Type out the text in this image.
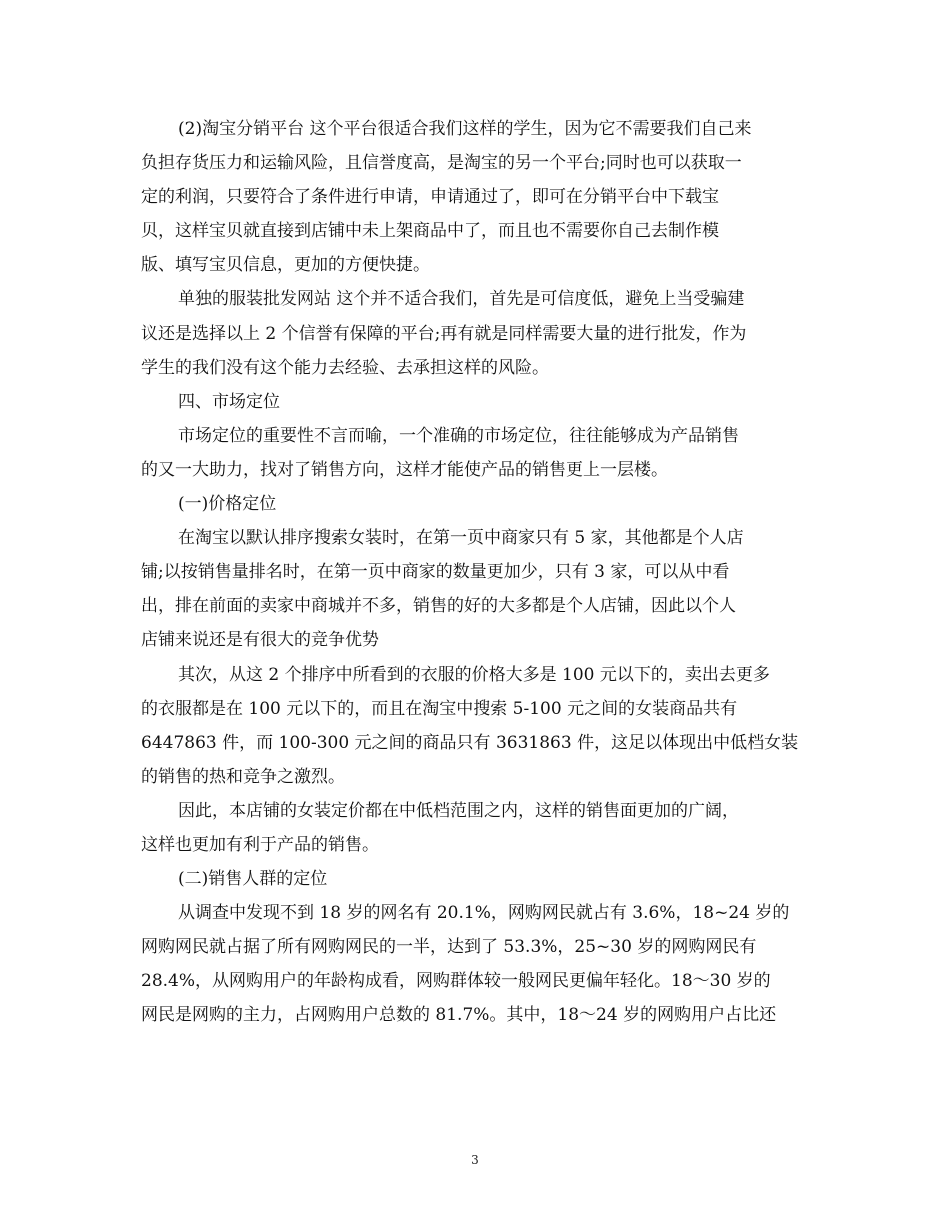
(2)淘宝分销平台 这个平台很适合我们这样的学生，因为它不需要我们自己来
负担存货压力和运输风险，且信誉度高，是淘宝的另一个平台;同时也可以获取一
定的利润，只要符合了条件进行申请，申请通过了，即可在分销平台中下载宝
贝，这样宝贝就直接到店铺中未上架商品中了，而且也不需要你自己去制作模
版、填写宝贝信息，更加的方便快捷。
单独的服装批发网站 这个并不适合我们，首先是可信度低，避免上当受骗建
议还是选择以上 2 个信誉有保障的平台;再有就是同样需要大量的进行批发，作为
学生的我们没有这个能力去经验、去承担这样的风险。
四、市场定位
市场定位的重要性不言而喻，一个准确的市场定位，往往能够成为产品销售
的又一大助力，找对了销售方向，这样才能使产品的销售更上一层楼。
(一)价格定位
在淘宝以默认排序搜索女装时，在第一页中商家只有 5 家，其他都是个人店
铺;以按销售量排名时，在第一页中商家的数量更加少，只有 3 家，可以从中看
出，排在前面的卖家中商城并不多，销售的好的大多都是个人店铺，因此以个人
店铺来说还是有很大的竞争优势
其次，从这 2 个排序中所看到的衣服的价格大多是 100 元以下的，卖出去更多
的衣服都是在 100 元以下的，而且在淘宝中搜索 5-100 元之间的女装商品共有
6447863 件，而 100-300 元之间的商品只有 3631863 件，这足以体现出中低档女装
的销售的热和竞争之激烈。
因此，本店铺的女装定价都在中低档范围之内，这样的销售面更加的广阔，
这样也更加有利于产品的销售。
(二)销售人群的定位
从调查中发现不到 18 岁的网名有 20.1%，网购网民就占有 3.6%，18~24 岁的
网购网民就占据了所有网购网民的一半，达到了 53.3%，25~30 岁的网购网民有
28.4%，从网购用户的年龄构成看，网购群体较一般网民更偏年轻化。18～30 岁的
网民是网购的主力，占网购用户总数的 81.7%。其中，18～24 岁的网购用户占比还
3
